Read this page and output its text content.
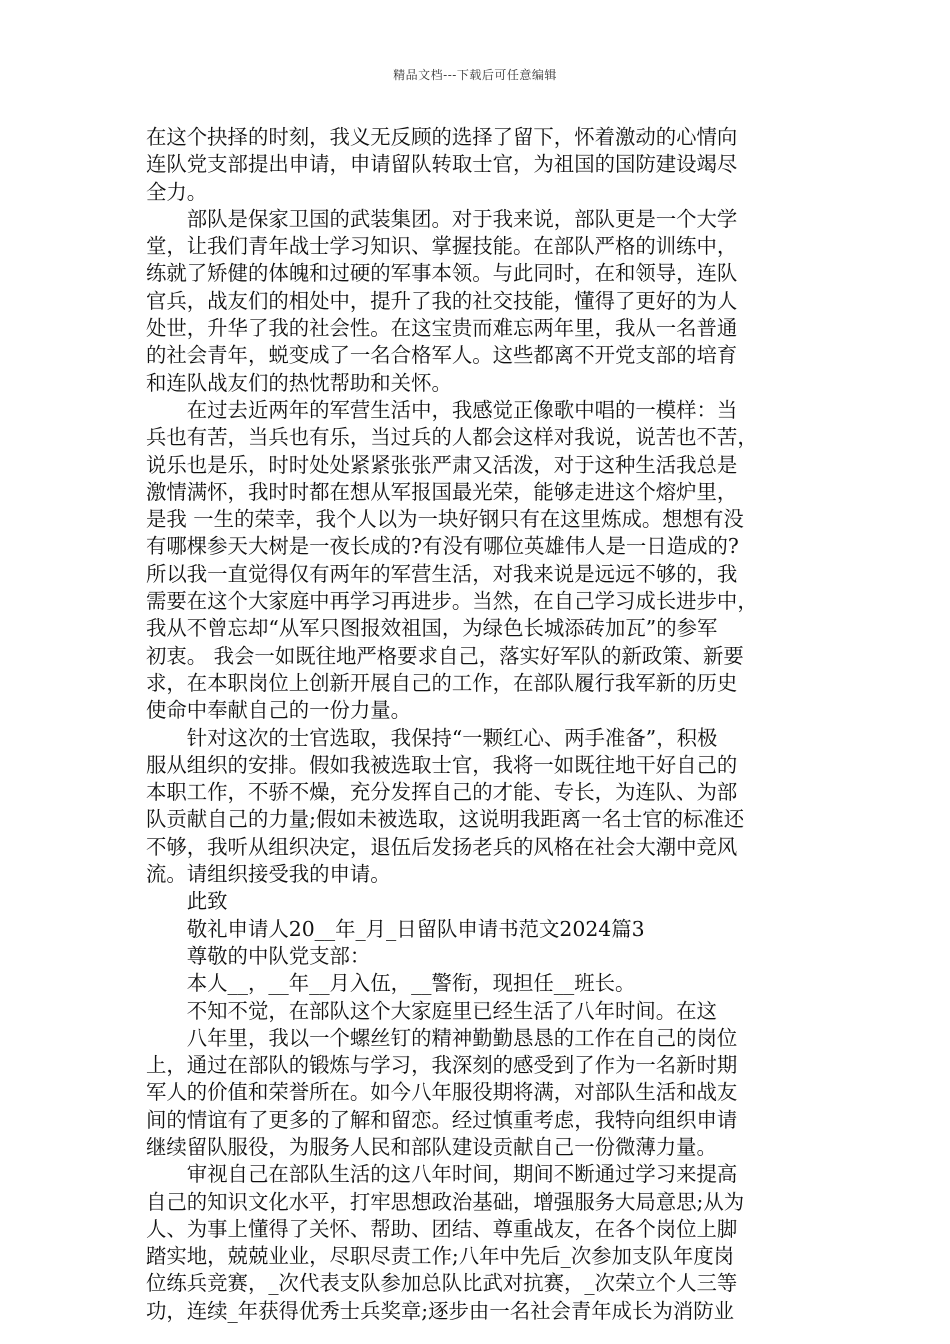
精品文档---下载后可任意编辑
在这个抉择的时刻，我义无反顾的选择了留下，怀着激动的心情向
连队党支部提出申请，申请留队转取士官，为祖国的国防建设竭尽
全力。
　　部队是保家卫国的武装集团。对于我来说，部队更是一个大学
堂，让我们青年战士学习知识、掌握技能。在部队严格的训练中，
练就了矫健的体魄和过硬的军事本领。与此同时，在和领导，连队
官兵，战友们的相处中，提升了我的社交技能，懂得了更好的为人
处世，升华了我的社会性。在这宝贵而难忘两年里，我从一名普通
的社会青年，蜕变成了一名合格军人。这些都离不开党支部的培育
和连队战友们的热忱帮助和关怀。
　　在过去近两年的军营生活中，我感觉正像歌中唱的一模样：当
兵也有苦，当兵也有乐，当过兵的人都会这样对我说，说苦也不苦，
说乐也是乐，时时处处紧紧张张严肃又活泼，对于这种生活我总是
激情满怀，我时时都在想从军报国最光荣，能够走进这个熔炉里，
是我 一生的荣幸，我个人以为一块好钢只有在这里炼成。想想有没
有哪棵参天大树是一夜长成的?有没有哪位英雄伟人是一日造成的?
所以我一直觉得仅有两年的军营生活，对我来说是远远不够的，我
需要在这个大家庭中再学习再进步。当然，在自己学习成长进步中，
我从不曾忘却“从军只图报效祖国，为绿色长城添砖加瓦”的参军
初衷。 我会一如既往地严格要求自己，落实好军队的新政策、新要
求，在本职岗位上创新开展自己的工作，在部队履行我军新的历史
使命中奉献自己的一份力量。
　　针对这次的士官选取，我保持“一颗红心、两手准备”，积极
服从组织的安排。假如我被选取士官，我将一如既往地干好自己的
本职工作，不骄不燥，充分发挥自己的才能、专长，为连队、为部
队贡献自己的力量;假如未被选取，这说明我距离一名士官的标准还
不够，我听从组织决定，退伍后发扬老兵的风格在社会大潮中竞风
流。请组织接受我的申请。
　　此致
　　敬礼申请人20__年_月_日留队申请书范文2024篇3
　　尊敬的中队党支部：
　　本人__，__年__月入伍，__警衔，现担任__班长。
　　不知不觉，在部队这个大家庭里已经生活了八年时间。在这
　　八年里，我以一个螺丝钉的精神勤勤恳恳的工作在自己的岗位
上，通过在部队的锻炼与学习，我深刻的感受到了作为一名新时期
军人的价值和荣誉所在。如今八年服役期将满，对部队生活和战友
间的情谊有了更多的了解和留恋。经过慎重考虑，我特向组织申请
继续留队服役，为服务人民和部队建设贡献自己一份微薄力量。
　　审视自己在部队生活的这八年时间，期间不断通过学习来提高
自己的知识文化水平，打牢思想政治基础，增强服务大局意思;从为
人、为事上懂得了关怀、帮助、团结、尊重战友，在各个岗位上脚
踏实地，兢兢业业，尽职尽责工作;八年中先后_次参加支队年度岗
位练兵竞赛，_次代表支队参加总队比武对抗赛，_次荣立个人三等
功，连续_年获得优秀士兵奖章;逐步由一名社会青年成长为消防业
